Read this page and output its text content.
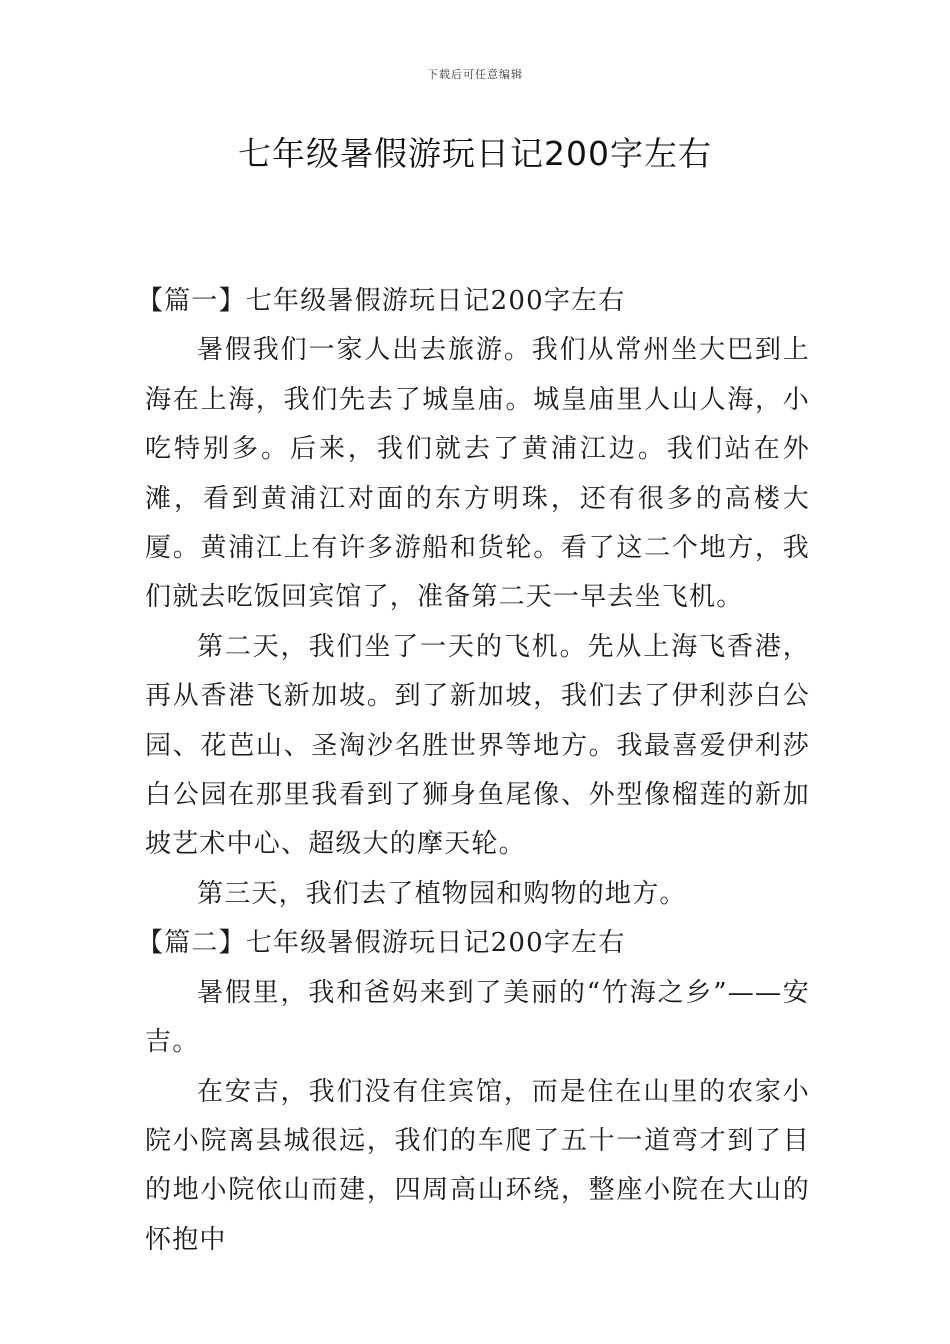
下载后可任意编辑
七年级暑假游玩日记200字左右
【篇一】七年级暑假游玩日记200字左右

暑假我们一家人出去旅游。我们从常州坐大巴到上海在上海，我们先去了城皇庙。城皇庙里人山人海，小吃特别多。后来，我们就去了黄浦江边。我们站在外滩，看到黄浦江对面的东方明珠，还有很多的高楼大厦。黄浦江上有许多游船和货轮。看了这二个地方，我们就去吃饭回宾馆了，准备第二天一早去坐飞机。

第二天，我们坐了一天的飞机。先从上海飞香港，再从香港飞新加坡。到了新加坡，我们去了伊利莎白公园、花芭山、圣淘沙名胜世界等地方。我最喜爱伊利莎白公园在那里我看到了狮身鱼尾像、外型像榴莲的新加坡艺术中心、超级大的摩天轮。

第三天，我们去了植物园和购物的地方。

【篇二】七年级暑假游玩日记200字左右

暑假里，我和爸妈来到了美丽的“竹海之乡”——安吉。

在安吉，我们没有住宾馆，而是住在山里的农家小院小院离县城很远，我们的车爬了五十一道弯才到了目的地小院依山而建，四周高山环绕，整座小院在大山的怀抱中
